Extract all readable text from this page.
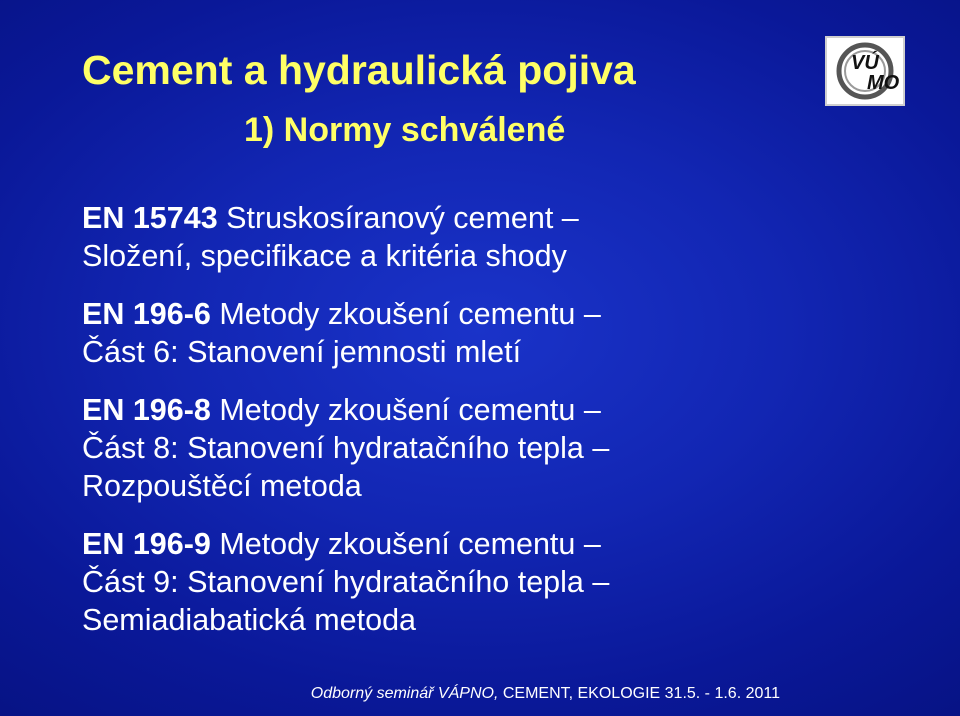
Cement a hydraulická pojiva
1) Normy schválené
VÚ
MO
EN 15743 Struskosíranový cement –
Složení, specifikace a kritéria shody
EN 196-6 Metody zkoušení cementu –
Část 6: Stanovení jemnosti mletí
EN 196-8 Metody zkoušení cementu –
Část 8: Stanovení hydratačního tepla –
Rozpouštěcí metoda
EN 196-9 Metody zkoušení cementu –
Část 9: Stanovení hydratačního tepla –
Semiadiabatická metoda
Odborný seminář VÁPNO, CEMENT, EKOLOGIE 31.5. - 1.6. 2011
